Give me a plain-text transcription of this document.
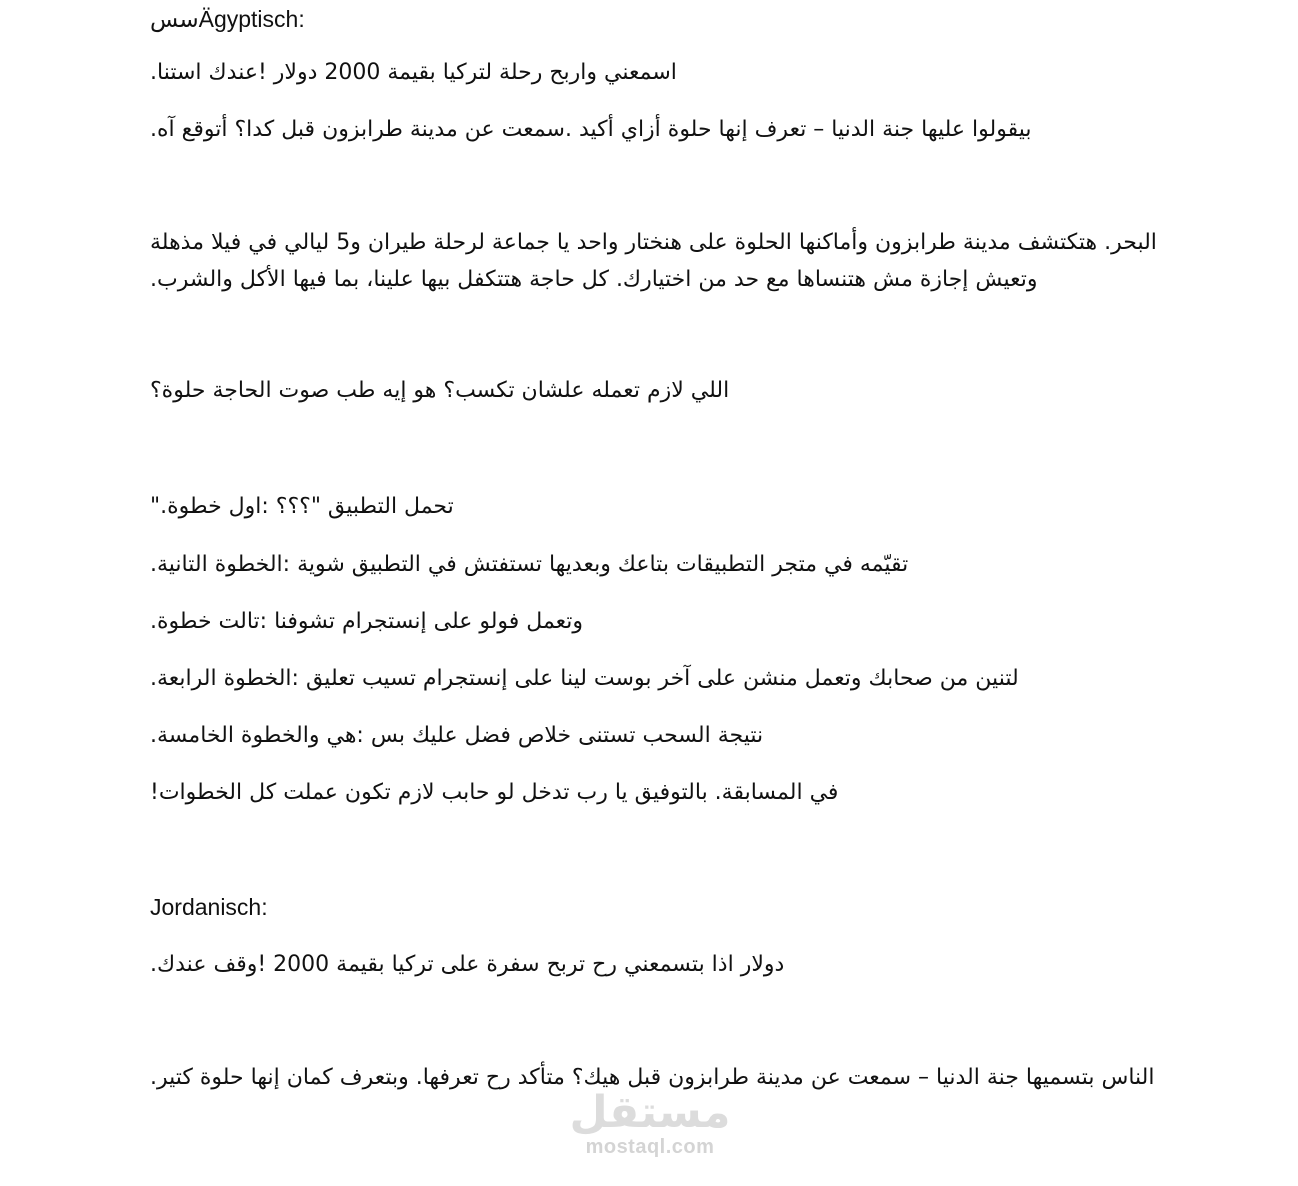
سسÄgyptisch:
.اسمعني واربح رحلة لتركيا بقيمة 2000 دولار !عندك استنا
.بيقولوا عليها جنة الدنيا – تعرف إنها حلوة أزاي أكيد .سمعت عن مدينة طرابزون قبل كدا؟ أتوقع آه
البحر. هتكتشف مدينة طرابزون وأماكنها الحلوة على هنختار واحد يا جماعة لرحلة طيران و5 ليالي في فيلا مذهلة
.وتعيش إجازة مش هتنساها مع حد من اختيارك. كل حاجة هتتكفل بيها علينا، بما فيها الأكل والشرب
اللي لازم تعمله علشان تكسب؟ هو إيه طب صوت الحاجة حلوة؟
".تحمل التطبيق "؟؟؟ :اول خطوة
.تقيّمه في متجر التطبيقات بتاعك وبعديها تستفتش في التطبيق شوية :الخطوة التانية
.وتعمل فولو على إنستجرام تشوفنا :تالت خطوة
.لتنين من صحابك وتعمل منشن على آخر بوست لينا على إنستجرام تسيب تعليق :الخطوة الرابعة
.نتيجة السحب تستنى خلاص فضل عليك بس :هي والخطوة الخامسة
!في المسابقة. بالتوفيق يا رب تدخل لو حابب لازم تكون عملت كل الخطوات
Jordanisch:
.دولار اذا بتسمعني رح تربح سفرة على تركيا بقيمة 2000 !وقف عندك
.الناس بتسميها جنة الدنيا – سمعت عن مدينة طرابزون قبل هيك؟ متأكد رح تعرفها. وبتعرف كمان إنها حلوة كتير
مستقل
mostaql.com
